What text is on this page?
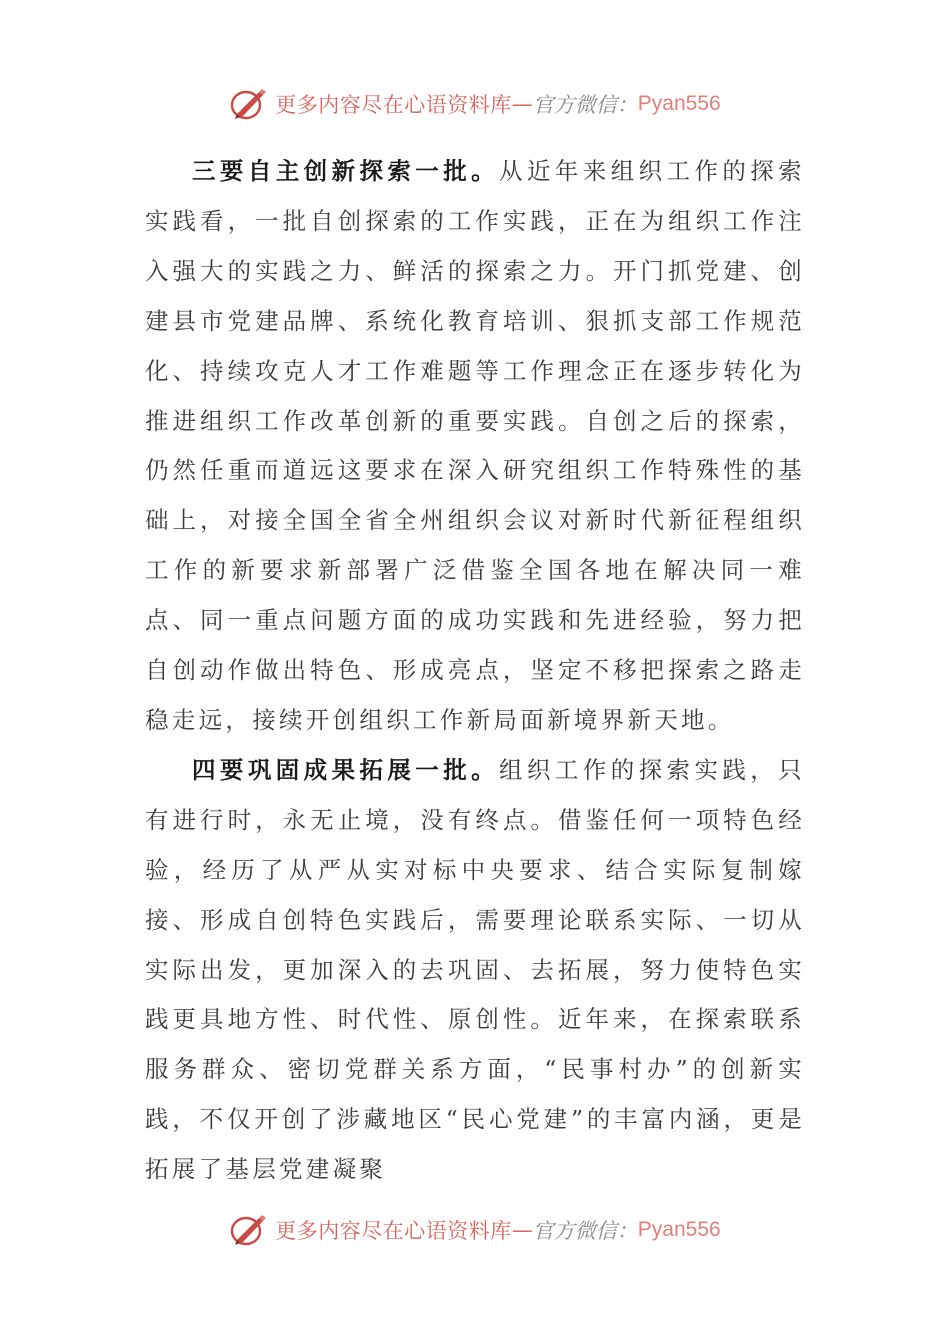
更多内容尽在心语资料库 — 官方微信： Pyan556

三要自主创新探索一批。从近年来组织工作的探索实践看，一批自创探索的工作实践，正在为组织工作注入强大的实践之力、鲜活的探索之力。开门抓党建、创建县市党建品牌、系统化教育培训、狠抓支部工作规范化、持续攻克人才工作难题等工作理念正在逐步转化为推进组织工作改革创新的重要实践。自创之后的探索，仍然任重而道远这要求在深入研究组织工作特殊性的基础上，对接全国全省全州组织会议对新时代新征程组织工作的新要求新部署广泛借鉴全国各地在解决同一难点、同一重点问题方面的成功实践和先进经验，努力把自创动作做出特色、形成亮点，坚定不移把探索之路走稳走远，接续开创组织工作新局面新境界新天地。

四要巩固成果拓展一批。组织工作的探索实践，只有进行时，永无止境，没有终点。借鉴任何一项特色经验，经历了从严从实对标中央要求、结合实际复制嫁接、形成自创特色实践后，需要理论联系实际、一切从实际出发，更加深入的去巩固、去拓展，努力使特色实践更具地方性、时代性、原创性。近年来，在探索联系服务群众、密切党群关系方面，“民事村办”的创新实践，不仅开创了涉藏地区“民心党建”的丰富内涵，更是拓展了基层党建凝聚

更多内容尽在心语资料库 — 官方微信： Pyan556
